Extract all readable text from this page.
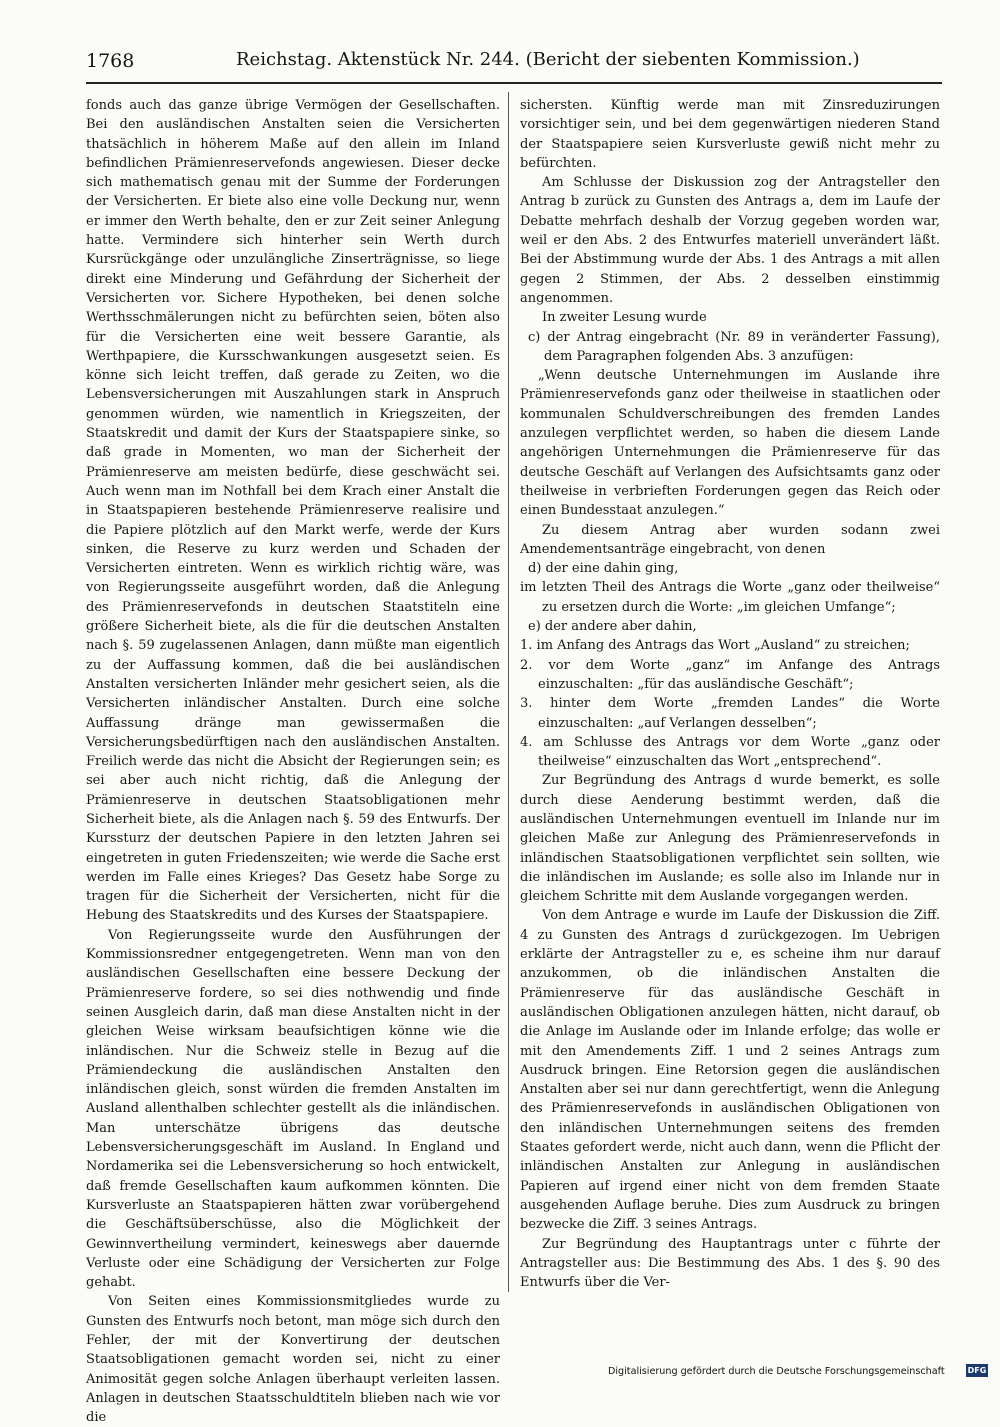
1768	Reichstag. Aktenstück Nr. 244. (Bericht der siebenten Kommission.)

fonds auch das ganze übrige Vermögen der Gesellschaften. Bei den ausländischen Anstalten seien die Versicherten thatsächlich in höherem Maße auf den allein im Inland befindlichen Prämienreservefonds angewiesen. Dieser decke sich mathematisch genau mit der Summe der Forderungen der Versicherten. Er biete also eine volle Deckung nur, wenn er immer den Werth behalte, den er zur Zeit seiner Anlegung hatte. Verminderе sich hinterher sein Werth durch Kursrückgänge oder unzulängliche Zinserträgnisse, so liege direkt eine Minderung und Gefährdung der Sicherheit der Versicherten vor. Sichere Hypotheken, bei denen solche Werthsschmälerungen nicht zu befürchten seien, böten also für die Versicherten eine weit bessere Garantie, als Werthpapiere, die Kursschwankungen ausgesetzt seien. Es könne sich leicht treffen, daß gerade zu Zeiten, wo die Lebensversicherungen mit Auszahlungen stark in Anspruch genommen würden, wie namentlich in Kriegszeiten, der Staatskredit und damit der Kurs der Staatspapiere sinke, so daß grade in Momenten, wo man der Sicherheit der Prämienreserve am meisten bedürfe, diese geschwächt sei. Auch wenn man im Nothfall bei dem Krach einer Anstalt die in Staatspapieren bestehende Prämienreserve realisire und die Papiere plötzlich auf den Markt werfe, werde der Kurs sinken, die Reserve zu kurz werden und Schaden der Versicherten eintreten. Wenn es wirklich richtig wäre, was von Regierungsseite ausgeführt worden, daß die Anlegung des Prämienreservefonds in deutschen Staatstiteln eine größere Sicherheit biete, als die für die deutschen Anstalten nach §. 59 zugelassenen Anlagen, dann müßte man eigentlich zu der Auffassung kommen, daß die bei ausländischen Anstalten versicherten Inländer mehr gesichert seien, als die Versicherten inländischer Anstalten. Durch eine solche Auffassung dränge man gewissermaßen die Versicherungsbedürftigen nach den ausländischen Anstalten. Freilich werde das nicht die Absicht der Regierungen sein; es sei aber auch nicht richtig, daß die Anlegung der Prämienreserve in deutschen Staatsobligationen mehr Sicherheit biete, als die Anlagen nach §. 59 des Entwurfs. Der Kurssturz der deutschen Papiere in den letzten Jahren sei eingetreten in guten Friedenszeiten; wie werde die Sache erst werden im Falle eines Krieges? Das Gesetz habe Sorge zu tragen für die Sicherheit der Versicherten, nicht für die Hebung des Staatskredits und des Kurses der Staatspapiere.

Von Regierungsseite wurde den Ausführungen der Kommissionsredner entgegengetreten. Wenn man von den ausländischen Gesellschaften eine bessere Deckung der Prämienreserve fordere, so sei dies nothwendig und finde seinen Ausgleich darin, daß man diese Anstalten nicht in der gleichen Weise wirksam beaufsichtigen könne wie die inländischen. Nur die Schweiz stelle in Bezug auf die Prämiendeckung die ausländischen Anstalten den inländischen gleich, sonst würden die fremden Anstalten im Ausland allenthalben schlechter gestellt als die inländischen. Man unterschätze übrigens das deutsche Lebensversicherungsgeschäft im Ausland. In England und Nordamerika sei die Lebensversicherung so hoch entwickelt, daß fremde Gesellschaften kaum aufkommen könnten. Die Kursverluste an Staatspapieren hätten zwar vorübergehend die Geschäftsüberschüsse, also die Möglichkeit der Gewinnvertheilung vermindert, keineswegs aber dauernde Verluste oder eine Schädigung der Versicherten zur Folge gehabt.

Von Seiten eines Kommissionsmitgliedes wurde zu Gunsten des Entwurfs noch betont, man möge sich durch den Fehler, der mit der Konvertirung der deutschen Staatsobligationen gemacht worden sei, nicht zu einer Animosität gegen solche Anlagen überhaupt verleiten lassen. Anlagen in deutschen Staatsschuldtiteln blieben nach wie vor die

sichersten. Künftig werde man mit Zinsreduzirungen vorsichtiger sein, und bei dem gegenwärtigen niederen Stand der Staatspapiere seien Kursverluste gewiß nicht mehr zu befürchten.

Am Schlusse der Diskussion zog der Antragsteller den Antrag b zurück zu Gunsten des Antrags a, dem im Laufe der Debatte mehrfach deshalb der Vorzug gegeben worden war, weil er den Abs. 2 des Entwurfes materiell unverändert läßt. Bei der Abstimmung wurde der Abs. 1 des Antrags a mit allen gegen 2 Stimmen, der Abs. 2 desselben einstimmig angenommen.

In zweiter Lesung wurde

c) der Antrag eingebracht (Nr. 89 in veränderter Fassung), dem Paragraphen folgenden Abs. 3 anzufügen:

„Wenn deutsche Unternehmungen im Auslande ihre Prämienreservefonds ganz oder theilweise in staatlichen oder kommunalen Schuldverschreibungen des fremden Landes anzulegen verpflichtet werden, so haben die diesem Lande angehörigen Unternehmungen die Prämienreserve für das deutsche Geschäft auf Verlangen des Aufsichtsamts ganz oder theilweise in verbrieften Forderungen gegen das Reich oder einen Bundesstaat anzulegen.“

Zu diesem Antrag aber wurden sodann zwei Amendementsanträge eingebracht, von denen

d) der eine dahin ging,

im letzten Theil des Antrags die Worte „ganz oder theilweise“ zu ersetzen durch die Worte: „im gleichen Umfange“;

e) der andere aber dahin,

1. im Anfang des Antrags das Wort „Ausland“ zu streichen;

2. vor dem Worte „ganz“ im Anfange des Antrags einzuschalten: „für das ausländische Geschäft“;

3. hinter dem Worte „fremden Landes“ die Worte einzuschalten: „auf Verlangen desselben“;

4. am Schlusse des Antrags vor dem Worte „ganz oder theilweise“ einzuschalten das Wort „entsprechend“.

Zur Begründung des Antrags d wurde bemerkt, es solle durch diese Aenderung bestimmt werden, daß die ausländischen Unternehmungen eventuell im Inlande nur im gleichen Maße zur Anlegung des Prämienreservefonds in inländischen Staatsobligationen verpflichtet sein sollten, wie die inländischen im Auslande; es solle also im Inlande nur in gleichem Schritte mit dem Auslande vorgegangen werden.

Von dem Antrage e wurde im Laufe der Diskussion die Ziff. 4 zu Gunsten des Antrags d zurückgezogen. Im Uebrigen erklärte der Antragsteller zu e, es scheine ihm nur darauf anzukommen, ob die inländischen Anstalten die Prämienreserve für das ausländische Geschäft in ausländischen Obligationen anzulegen hätten, nicht darauf, ob die Anlage im Auslande oder im Inlande erfolge; das wolle er mit den Amendements Ziff. 1 und 2 seines Antrags zum Ausdruck bringen. Eine Retorsion gegen die ausländischen Anstalten aber sei nur dann gerechtfertigt, wenn die Anlegung des Prämienreservefonds in ausländischen Obligationen von den inländischen Unternehmungen seitens des fremden Staates gefordert werde, nicht auch dann, wenn die Pflicht der inländischen Anstalten zur Anlegung in ausländischen Papieren auf irgend einer nicht von dem fremden Staate ausgehenden Auflage beruhe. Dies zum Ausdruck zu bringen bezwecke die Ziff. 3 seines Antrags.

Zur Begründung des Hauptantrags unter c führte der Antragsteller aus: Die Bestimmung des Abs. 1 des §. 90 des Entwurfs über die Ver-

Digitalisierung gefördert durch die Deutsche Forschungsgemeinschaft	DFG
